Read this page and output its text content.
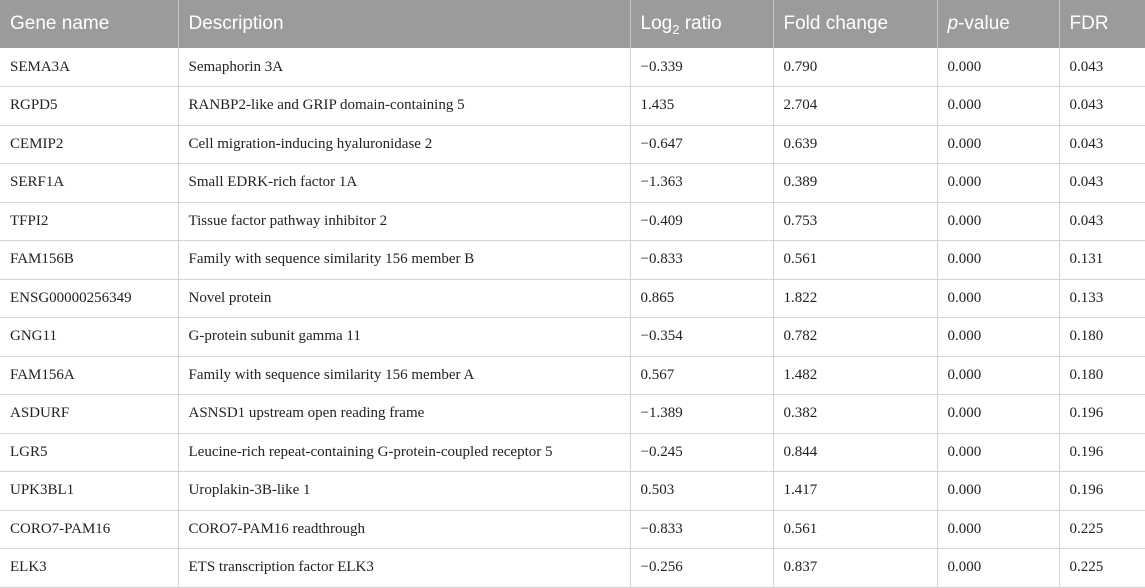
Gene name	Description	Log$_2$ ratio	Fold change	p-value	FDR
SEMA3A	Semaphorin 3A	−0.339	0.790	0.000	0.043
RGPD5	RANBP2-like and GRIP domain-containing 5	1.435	2.704	0.000	0.043
CEMIP2	Cell migration-inducing hyaluronidase 2	−0.647	0.639	0.000	0.043
SERF1A	Small EDRK-rich factor 1A	−1.363	0.389	0.000	0.043
TFPI2	Tissue factor pathway inhibitor 2	−0.409	0.753	0.000	0.043
FAM156B	Family with sequence similarity 156 member B	−0.833	0.561	0.000	0.131
ENSG00000256349	Novel protein	0.865	1.822	0.000	0.133
GNG11	G-protein subunit gamma 11	−0.354	0.782	0.000	0.180
FAM156A	Family with sequence similarity 156 member A	0.567	1.482	0.000	0.180
ASDURF	ASNSD1 upstream open reading frame	−1.389	0.382	0.000	0.196
LGR5	Leucine-rich repeat-containing G-protein-coupled receptor 5	−0.245	0.844	0.000	0.196
UPK3BL1	Uroplakin-3B-like 1	0.503	1.417	0.000	0.196
CORO7-PAM16	CORO7-PAM16 readthrough	−0.833	0.561	0.000	0.225
ELK3	ETS transcription factor ELK3	−0.256	0.837	0.000	0.225
